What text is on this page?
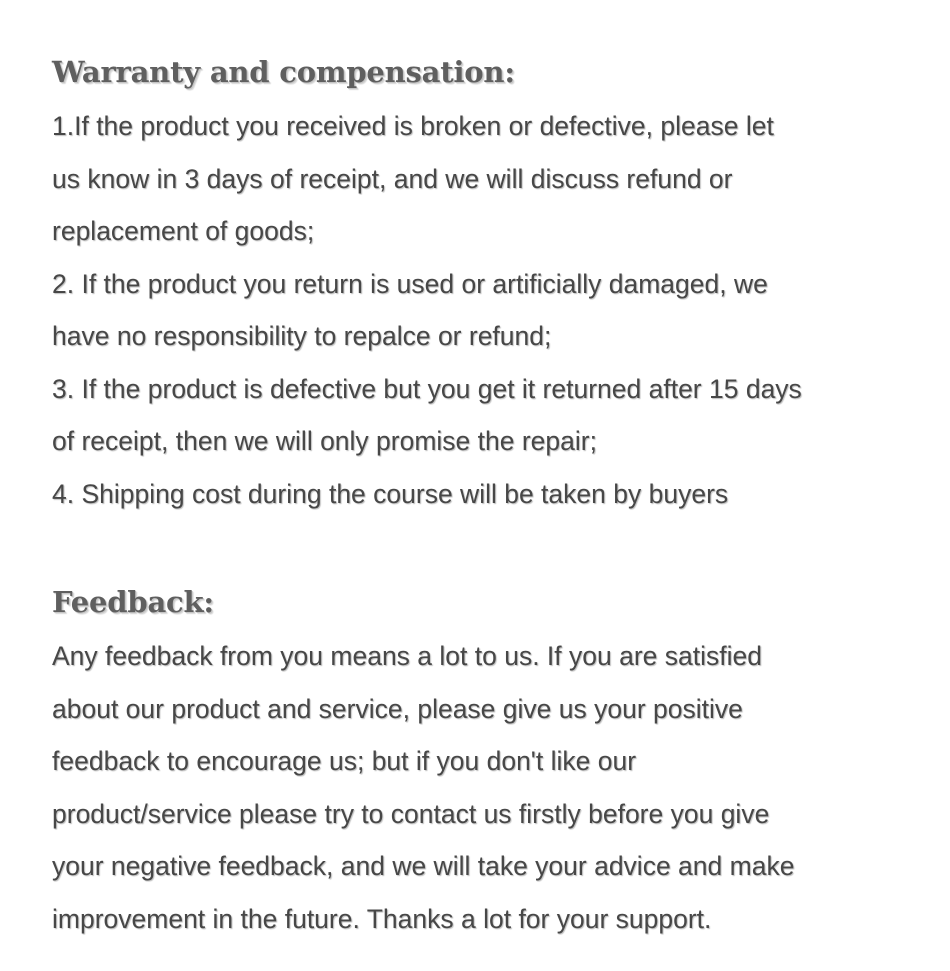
Warranty and compensation:
1.If the product you received is broken or defective, please let
us know in 3 days of receipt, and we will discuss refund or
replacement of goods;
2. If the product you return is used or artificially damaged, we
have no responsibility to repalce or refund;
3. If the product is defective but you get it returned after 15 days
of receipt, then we will only promise the repair;
4. Shipping cost during the course will be taken by buyers
Feedback:
Any feedback from you means a lot to us. If you are satisfied
about our product and service, please give us your positive
feedback to encourage us; but if you don't like our
product/service please try to contact us firstly before you give
your negative feedback, and we will take your advice and make
improvement in the future. Thanks a lot for your support.
